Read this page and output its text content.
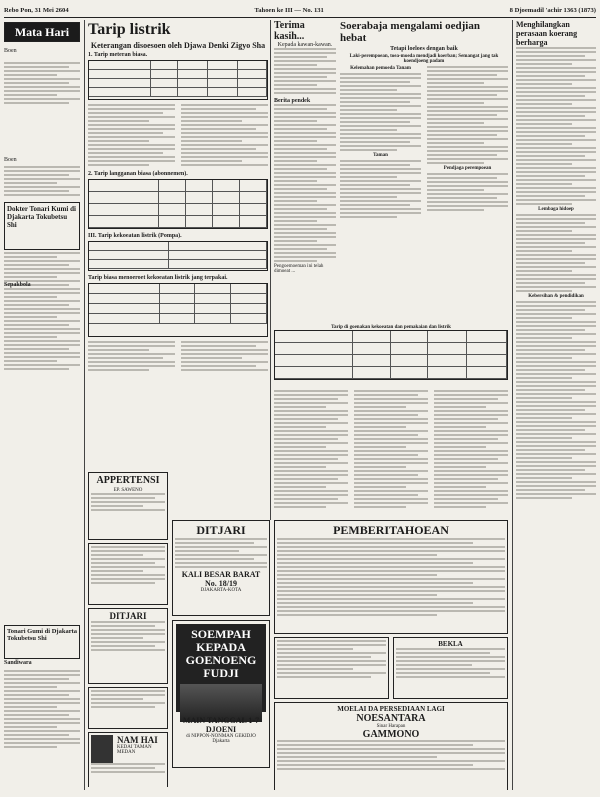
Rebo Pon, 31 Mei 2604	Tahoen ke III — No. 131	8 Djoemadil 'achir 1363 (1873)
Mata Hari
Boen
Boen
Dokter Tonari Kumi di Djakarta Tokubetsu Shi
Sepakbola
Tonari Gumi di Djakarta Tokubetsu Shi
Sandiwara
Tarip listrik
Keterangan disoesoen oleh Djawa Denki Zigyo Sha
1. Tarip meteran biasa.
2. Tarip langganan biasa (abonnemen).
III. Tarip kekoeatan listrik (Pompa).
Tarip biasa menoeroet kekoeatan listrik jang terpakai.
Terima kasih...
Kepada kawan-kawan.
Berita pendek
Pengoemoeman ini telah dimoeat ...
Soerabaja mengalami oedjian hebat
Tetapi loeloes dengan baik
Laki-perempoean, toea-moeda mendjadi koerban; Semangat jang tak koendjoeng padam
Kelemahan pemoeda Tanam
Taman
Pendjaga perempoean
Tarip di goenakan kekoeatan dan pemakaian dan listrik
Menghilangkan perasaan koerang berharga
Lembaga hidoep
Kebersihan & pendidikan
APPERTENSI
EP. SAWENO
DITJARI
NAM HAI
KEDAI TAMAN MEDAN
DITJARI
KALI BESAR BARAT No. 18/19
DJAKARTA-KOTA
SOEMPAH KEPADA GOENOENG FUDJI
MAIN TANGGAL 1-7 DJOENI
di NIPPON-NONMAN GEKIDJO
Djakarta
PEMBERITAHOEAN
BEKLA
MOELAI DA PERSEDIAAN LAGI
NOESANTARA
Sinar Harapan
GAMMONO
